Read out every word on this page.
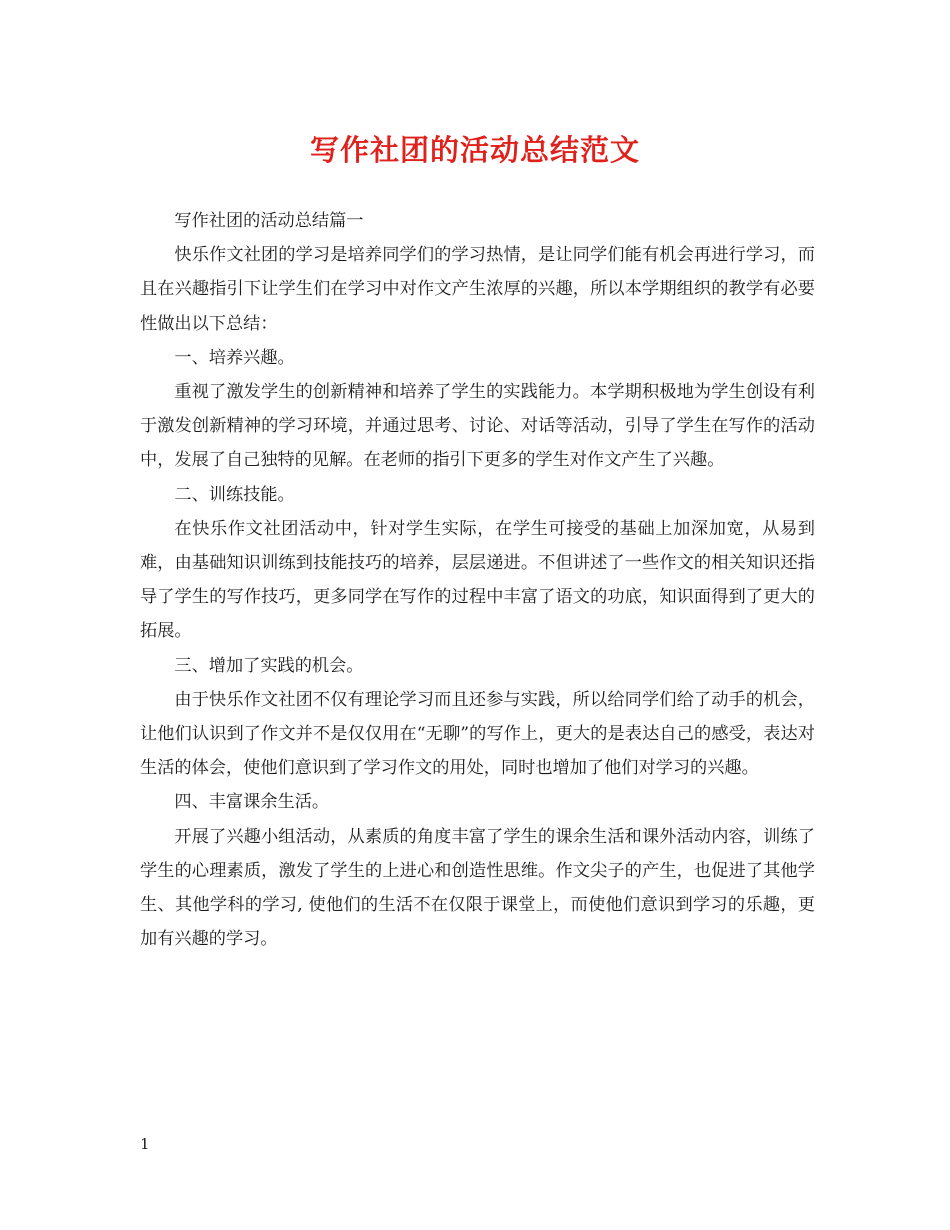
写作社团的活动总结范文

写作社团的活动总结篇一

快乐作文社团的学习是培养同学们的学习热情，是让同学们能有机会再进行学习，而且在兴趣指引下让学生们在学习中对作文产生浓厚的兴趣，所以本学期组织的教学有必要性做出以下总结：

一、培养兴趣。

重视了激发学生的创新精神和培养了学生的实践能力。本学期积极地为学生创设有利于激发创新精神的学习环境，并通过思考、讨论、对话等活动，引导了学生在写作的活动中，发展了自己独特的见解。在老师的指引下更多的学生对作文产生了兴趣。

二、训练技能。

在快乐作文社团活动中，针对学生实际，在学生可接受的基础上加深加宽，从易到难，由基础知识训练到技能技巧的培养，层层递进。不但讲述了一些作文的相关知识还指导了学生的写作技巧，更多同学在写作的过程中丰富了语文的功底，知识面得到了更大的拓展。

三、增加了实践的机会。

由于快乐作文社团不仅有理论学习而且还参与实践，所以给同学们给了动手的机会，让他们认识到了作文并不是仅仅用在“无聊”的写作上，更大的是表达自己的感受，表达对生活的体会，使他们意识到了学习作文的用处，同时也增加了他们对学习的兴趣。

四、丰富课余生活。

开展了兴趣小组活动，从素质的角度丰富了学生的课余生活和课外活动内容，训练了学生的心理素质，激发了学生的上进心和创造性思维。作文尖子的产生，也促进了其他学生、其他学科的学习, 使他们的生活不在仅限于课堂上，而使他们意识到学习的乐趣，更加有兴趣的学习。

1
